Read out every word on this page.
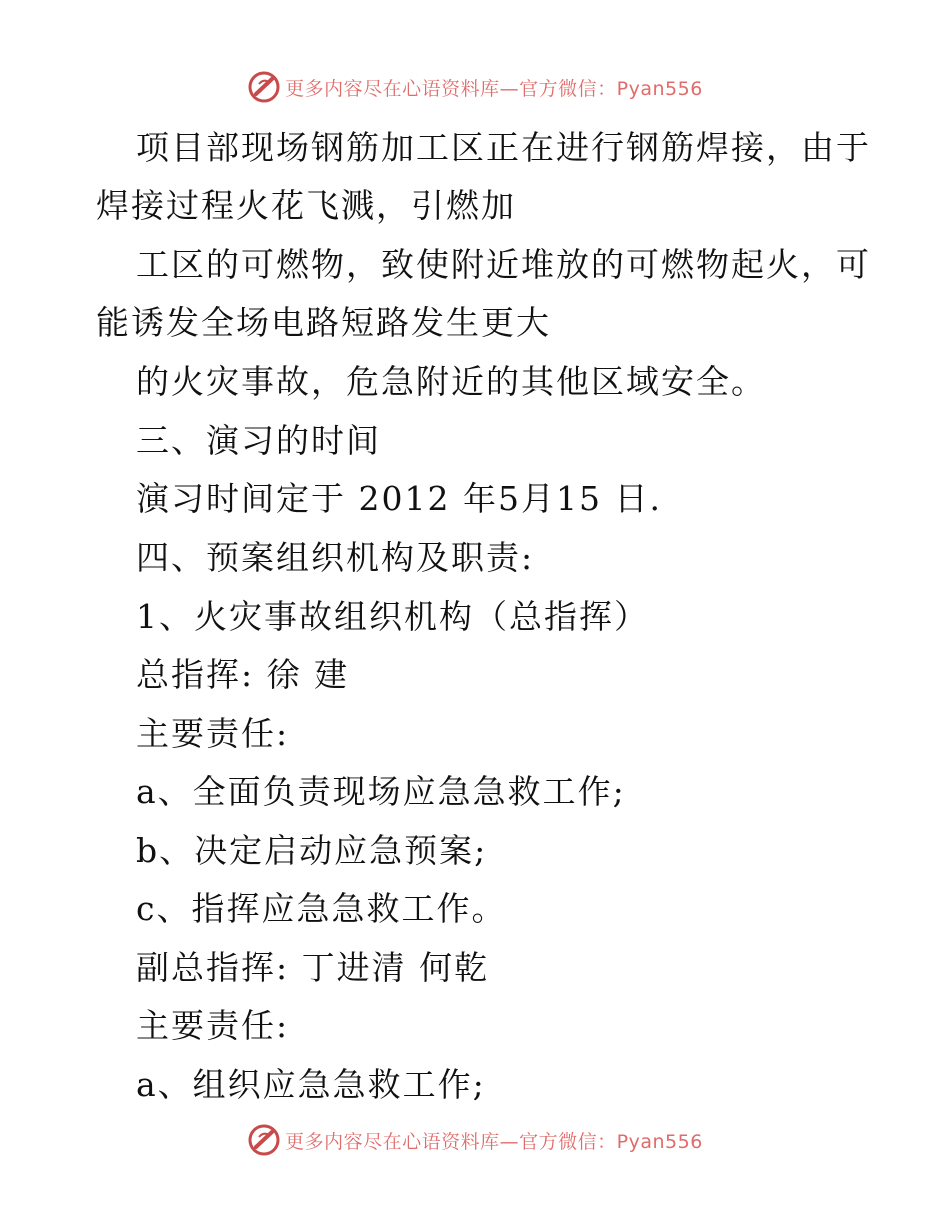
更多内容尽在心语资料库—官方微信：Pyan556
项目部现场钢筋加工区正在进行钢筋焊接，由于
焊接过程火花飞溅，引燃加
工区的可燃物，致使附近堆放的可燃物起火，可
能诱发全场电路短路发生更大
的火灾事故，危急附近的其他区域安全。
三、演习的时间
演习时间定于 2012 年5月15 日.
四、预案组织机构及职责:
1、火灾事故组织机构（总指挥）
总指挥: 徐 建
主要责任:
a、全面负责现场应急急救工作;
b、决定启动应急预案;
c、指挥应急急救工作。
副总指挥: 丁进清 何乾
主要责任:
a、组织应急急救工作;
更多内容尽在心语资料库—官方微信：Pyan556
